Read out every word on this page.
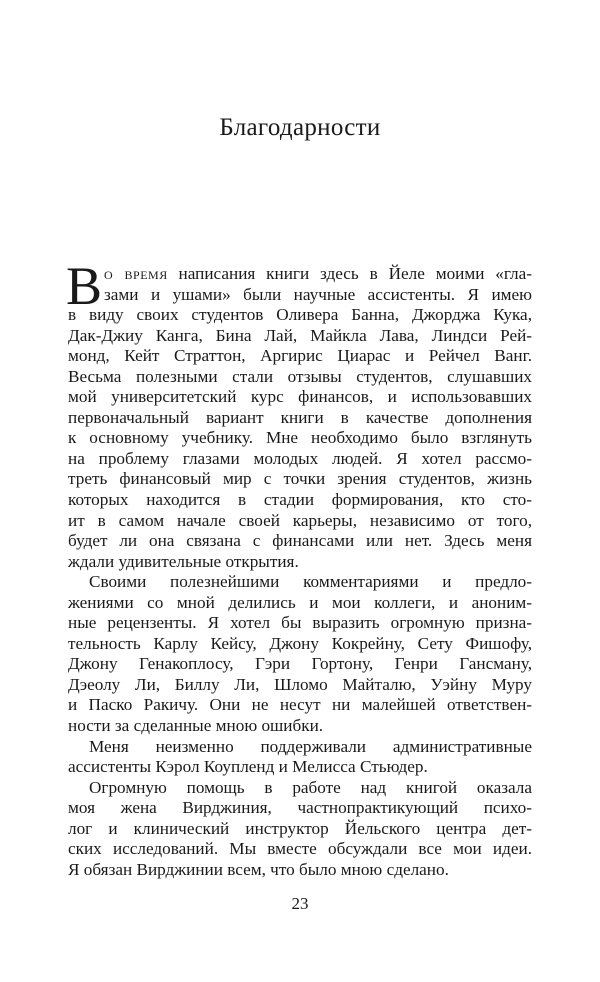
Благодарности
В о время написания книги здесь в Йеле моими «гла-
зами и ушами» были научные ассистенты. Я имею
в виду своих студентов Оливера Банна, Джорджа Кука,
Дак-Джиу Канга, Бина Лай, Майкла Лава, Линдси Рей-
монд, Кейт Страттон, Аргирис Циарас и Рейчел Ванг.
Весьма полезными стали отзывы студентов, слушавших
мой университетский курс финансов, и использовавших
первоначальный вариант книги в качестве дополнения
к основному учебнику. Мне необходимо было взглянуть
на проблему глазами молодых людей. Я хотел рассмо-
треть финансовый мир с точки зрения студентов, жизнь
которых находится в стадии формирования, кто сто-
ит в самом начале своей карьеры, независимо от того,
будет ли она связана с финансами или нет. Здесь меня
ждали удивительные открытия.
Своими полезнейшими комментариями и предло-
жениями со мной делились и мои коллеги, и аноним-
ные рецензенты. Я хотел бы выразить огромную призна-
тельность Карлу Кейсу, Джону Кокрейну, Сету Фишофу,
Джону Генакоплосу, Гэри Гортону, Генри Гансману,
Дэеолу Ли, Биллу Ли, Шломо Майталю, Уэйну Муру
и Паско Ракичу. Они не несут ни малейшей ответствен-
ности за сделанные мною ошибки.
Меня неизменно поддерживали административные
ассистенты Кэрол Коупленд и Мелисса Стьюдер.
Огромную помощь в работе над книгой оказала
моя жена Вирджиния, частнопрактикующий психо-
лог и клинический инструктор Йельского центра дет-
ских исследований. Мы вместе обсуждали все мои идеи.
Я обязан Вирджинии всем, что было мною сделано.
23
